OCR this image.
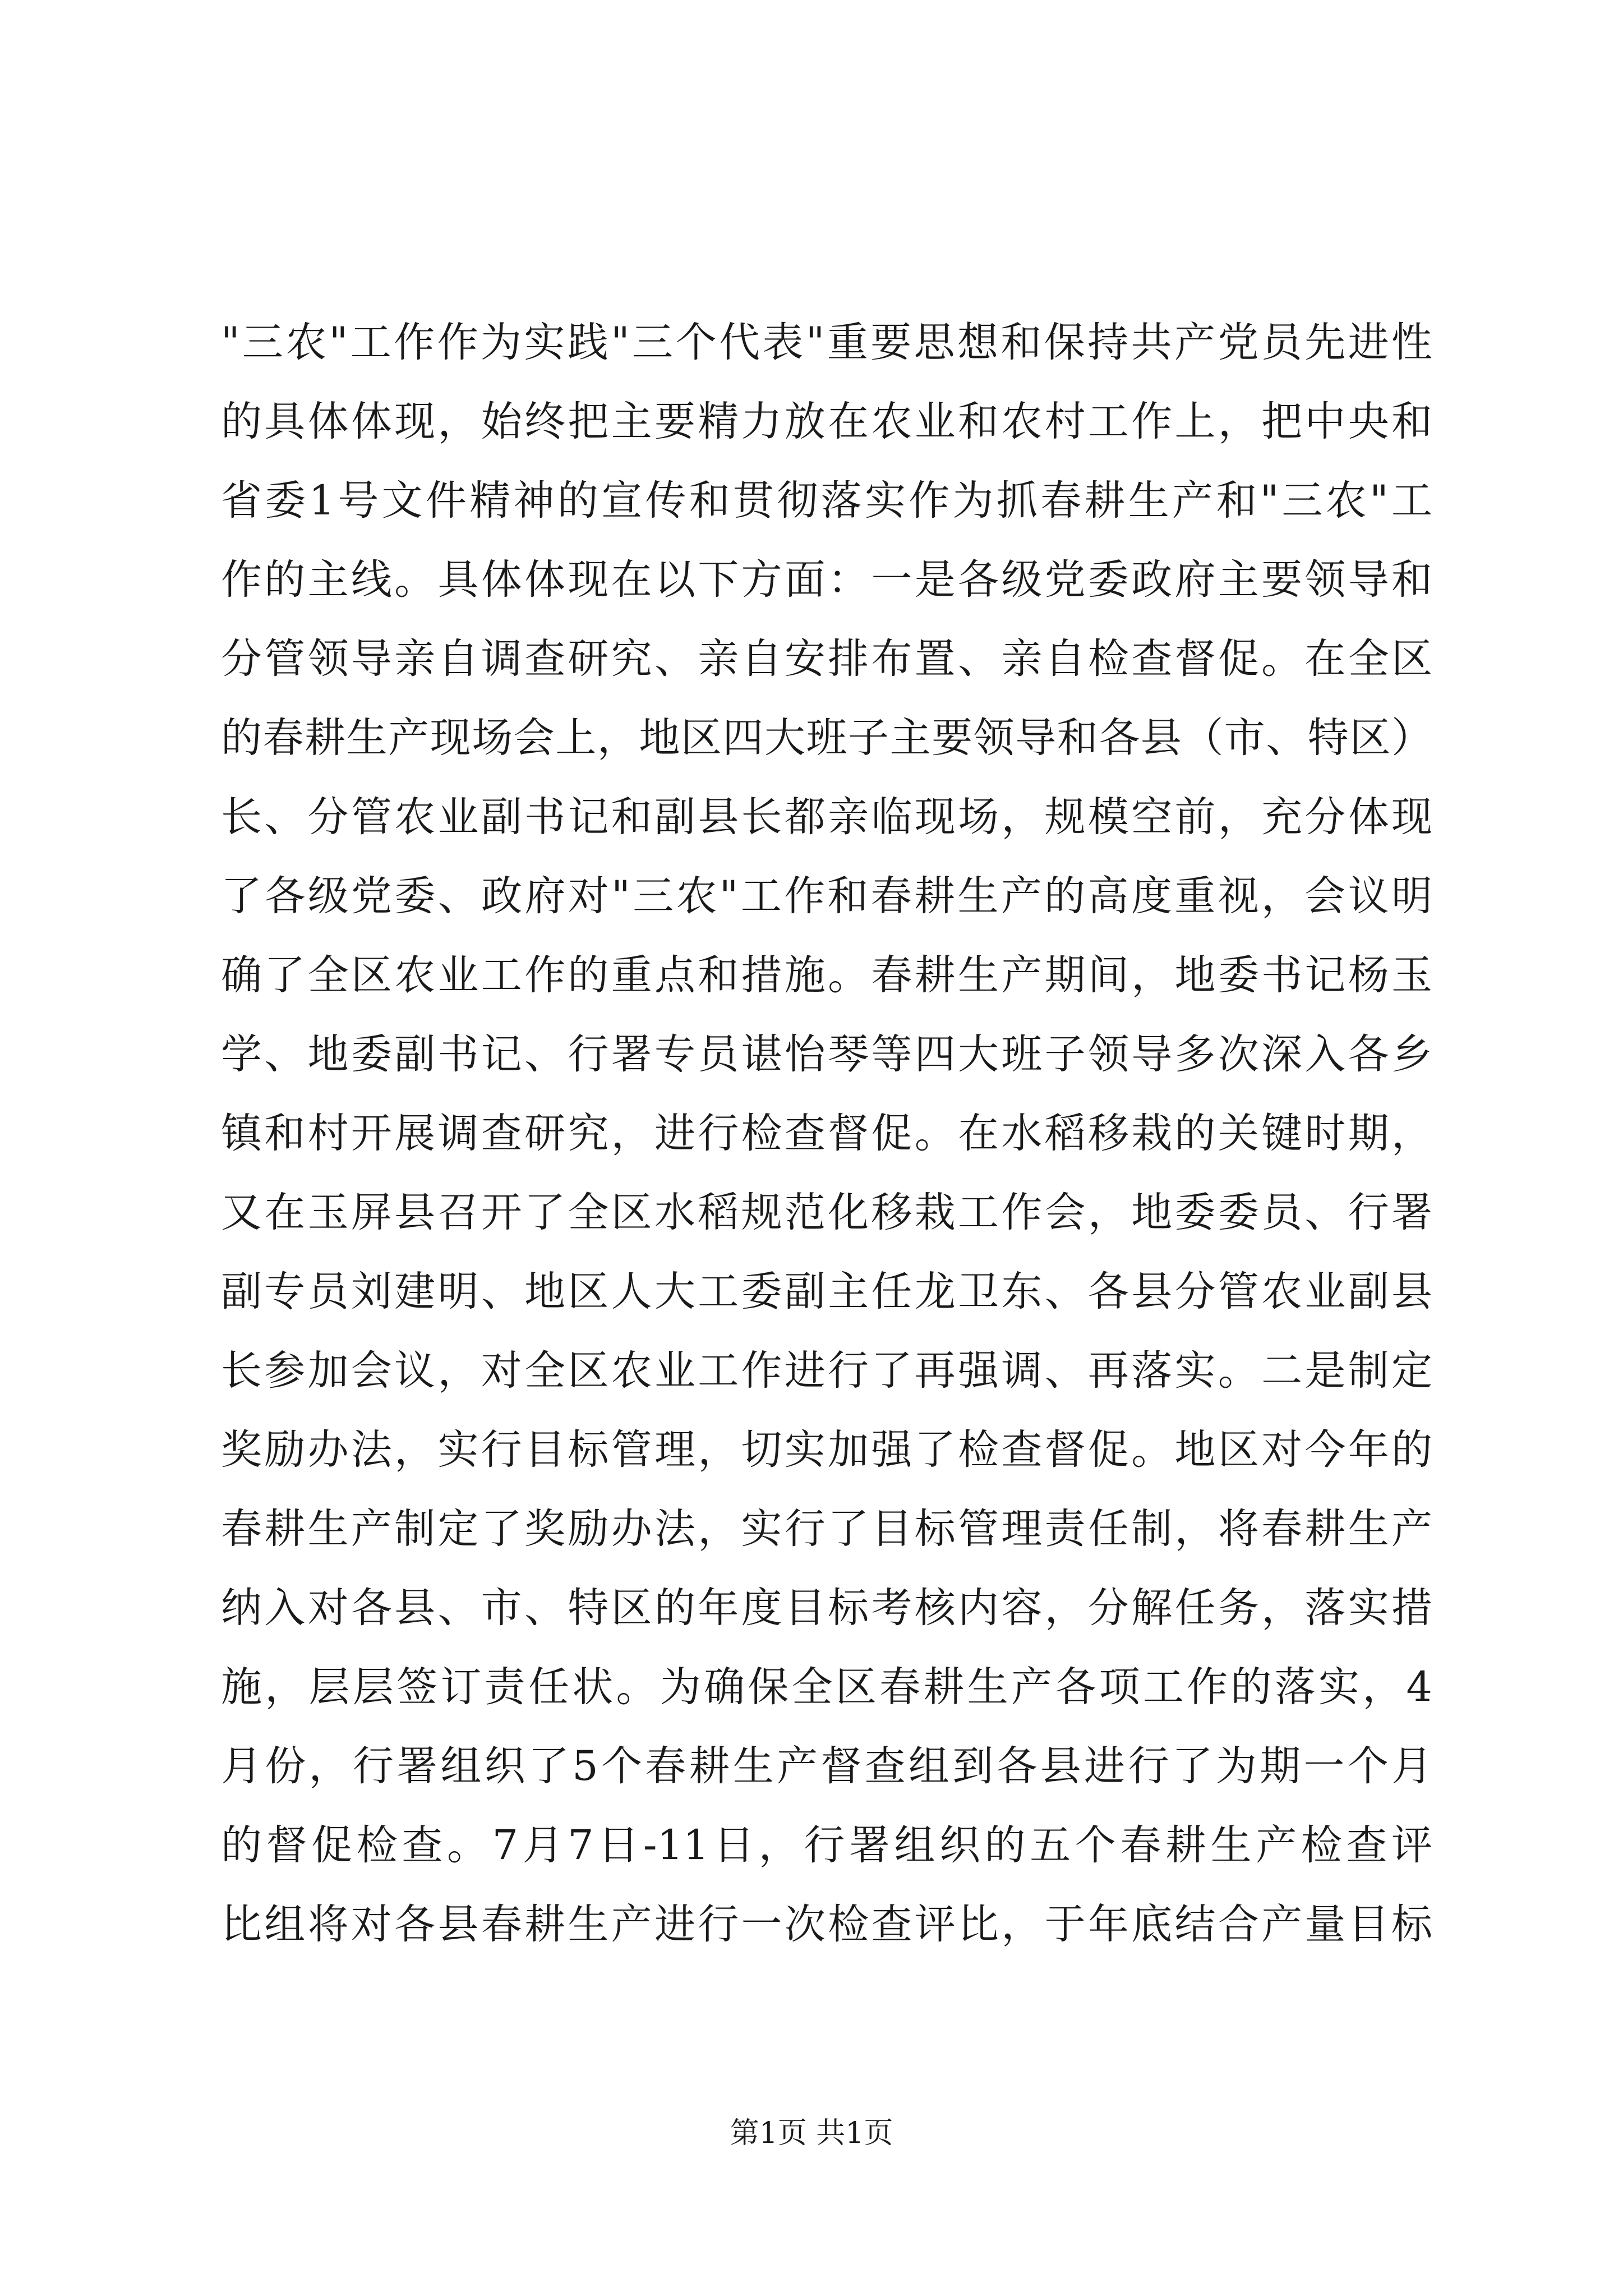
"三农"工作作为实践"三个代表"重要思想和保持共产党员先进性
的具体体现，始终把主要精力放在农业和农村工作上，把中央和
省委1号文件精神的宣传和贯彻落实作为抓春耕生产和"三农"工
作的主线。具体体现在以下方面：一是各级党委政府主要领导和
分管领导亲自调查研究、亲自安排布置、亲自检查督促。在全区
的春耕生产现场会上，地区四大班子主要领导和各县（市、特区）
长、分管农业副书记和副县长都亲临现场，规模空前，充分体现
了各级党委、政府对"三农"工作和春耕生产的高度重视，会议明
确了全区农业工作的重点和措施。春耕生产期间，地委书记杨玉
学、地委副书记、行署专员谌怡琴等四大班子领导多次深入各乡
镇和村开展调查研究，进行检查督促。在水稻移栽的关键时期，
又在玉屏县召开了全区水稻规范化移栽工作会，地委委员、行署
副专员刘建明、地区人大工委副主任龙卫东、各县分管农业副县
长参加会议，对全区农业工作进行了再强调、再落实。二是制定
奖励办法，实行目标管理，切实加强了检查督促。地区对今年的
春耕生产制定了奖励办法，实行了目标管理责任制，将春耕生产
纳入对各县、市、特区的年度目标考核内容，分解任务，落实措
施，层层签订责任状。为确保全区春耕生产各项工作的落实，4
月份，行署组织了5个春耕生产督查组到各县进行了为期一个月
的督促检查。7月7日-11日，行署组织的五个春耕生产检查评
比组将对各县春耕生产进行一次检查评比，于年底结合产量目标
第1页 共1页
